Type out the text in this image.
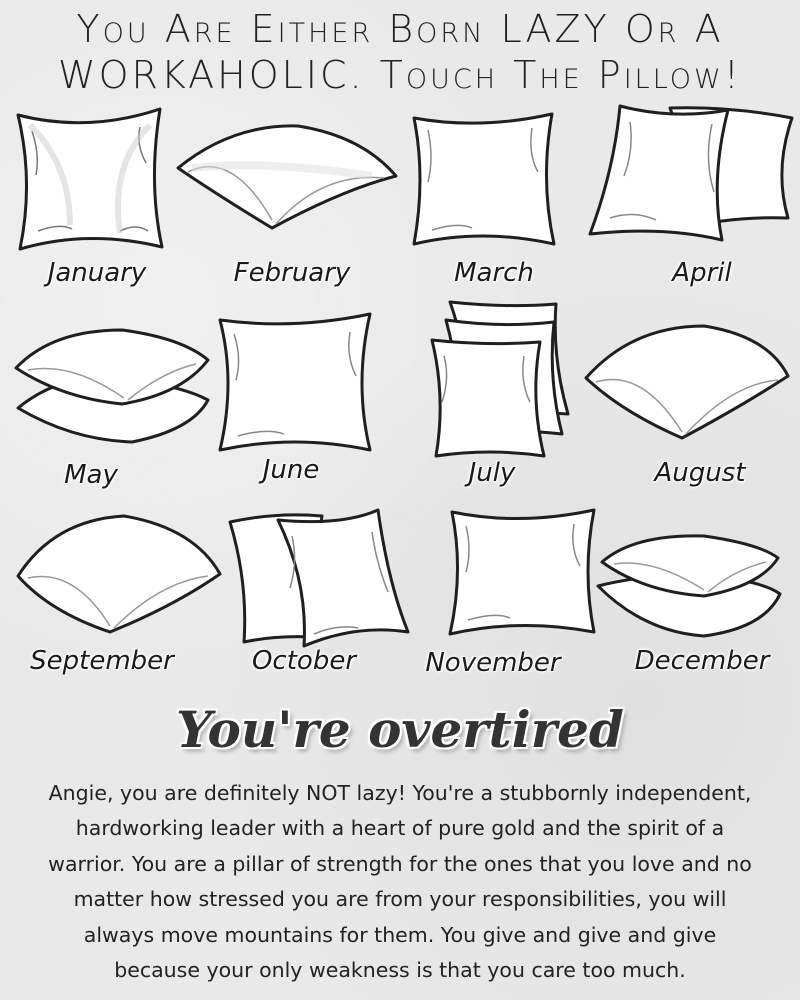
You Are Either Born LAZY Or A
WORKAHOLIC. Touch The Pillow!
January	February	March	April
May	June	July	August
September	October	November	December
You're overtired
Angie, you are definitely NOT lazy! You're a stubbornly independent,
hardworking leader with a heart of pure gold and the spirit of a
warrior. You are a pillar of strength for the ones that you love and no
matter how stressed you are from your responsibilities, you will
always move mountains for them. You give and give and give
because your only weakness is that you care too much.
